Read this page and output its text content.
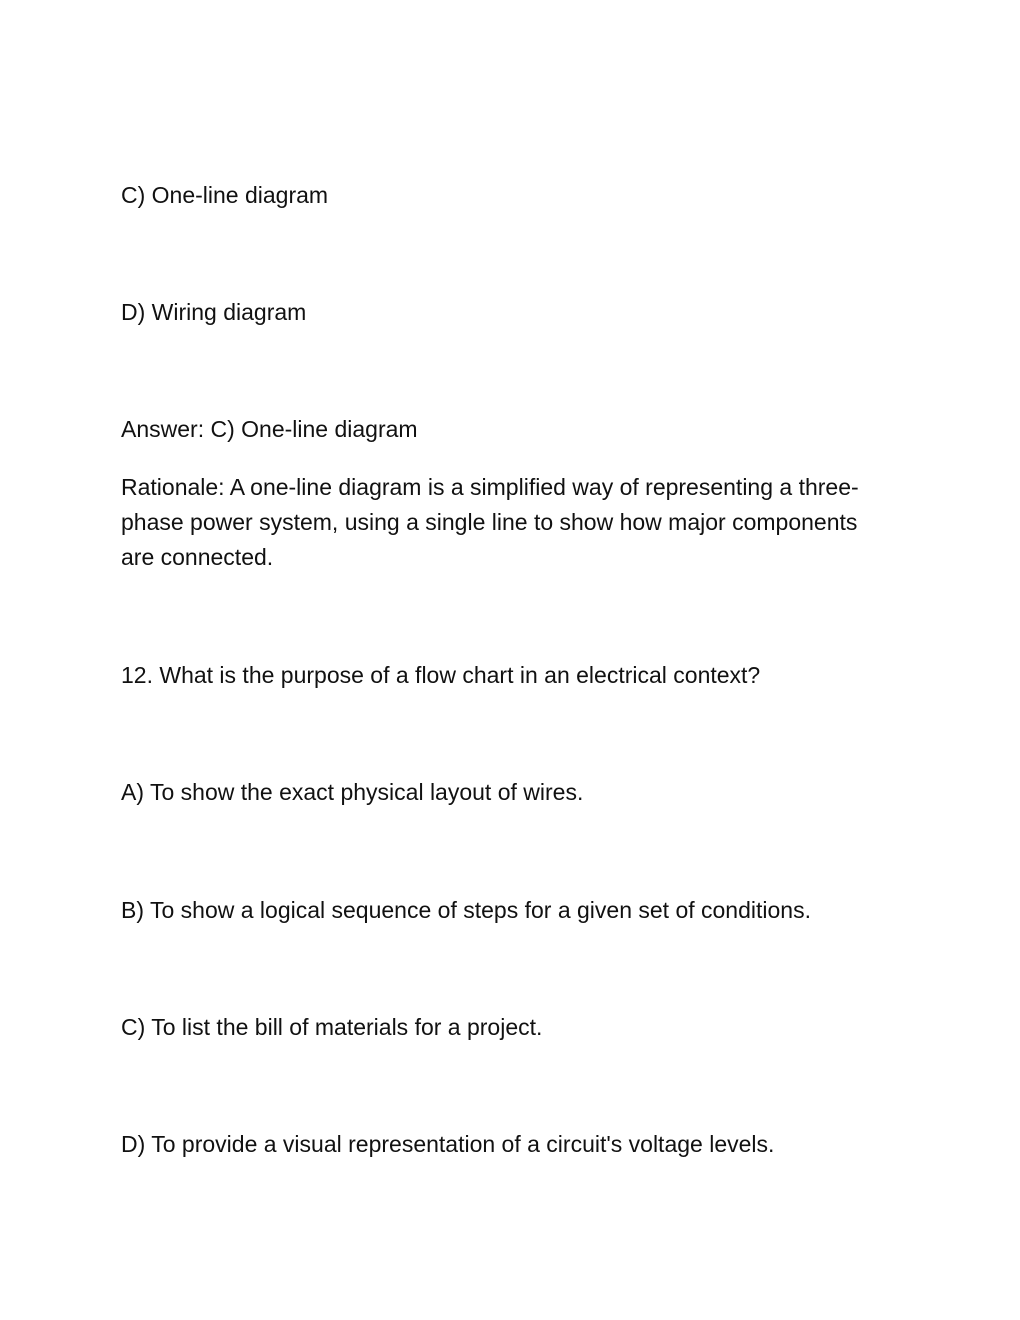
C) One-line diagram

D) Wiring diagram

Answer: C) One-line diagram

Rationale: A one-line diagram is a simplified way of representing a three-phase power system, using a single line to show how major components are connected.

12. What is the purpose of a flow chart in an electrical context?

A) To show the exact physical layout of wires.

B) To show a logical sequence of steps for a given set of conditions.

C) To list the bill of materials for a project.

D) To provide a visual representation of a circuit's voltage levels.
